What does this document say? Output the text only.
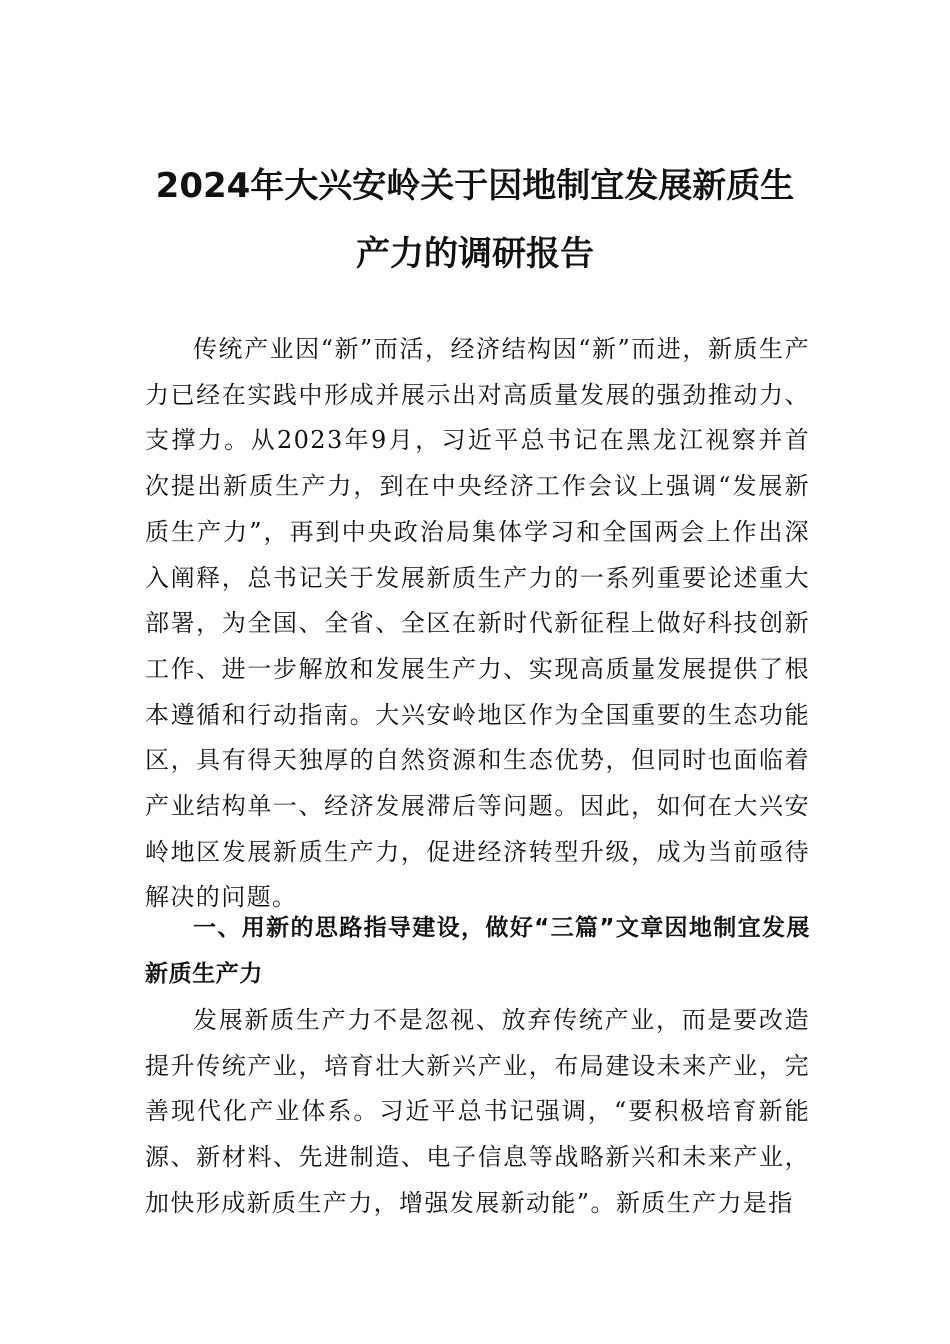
2024年大兴安岭关于因地制宜发展新质生
产力的调研报告

传统产业因“新”而活，经济结构因“新”而进，新质生产力已经在实践中形成并展示出对高质量发展的强劲推动力、支撑力。从2023年9月，习近平总书记在黑龙江视察并首次提出新质生产力，到在中央经济工作会议上强调“发展新质生产力”，再到中央政治局集体学习和全国两会上作出深入阐释，总书记关于发展新质生产力的一系列重要论述重大部署，为全国、全省、全区在新时代新征程上做好科技创新工作、进一步解放和发展生产力、实现高质量发展提供了根本遵循和行动指南。大兴安岭地区作为全国重要的生态功能区，具有得天独厚的自然资源和生态优势，但同时也面临着产业结构单一、经济发展滞后等问题。因此，如何在大兴安岭地区发展新质生产力，促进经济转型升级，成为当前亟待解决的问题。

一、用新的思路指导建设，做好“三篇”文章因地制宜发展新质生产力

发展新质生产力不是忽视、放弃传统产业，而是要改造提升传统产业，培育壮大新兴产业，布局建设未来产业，完善现代化产业体系。习近平总书记强调，“要积极培育新能源、新材料、先进制造、电子信息等战略新兴和未来产业，加快形成新质生产力，增强发展新动能”。新质生产力是指
